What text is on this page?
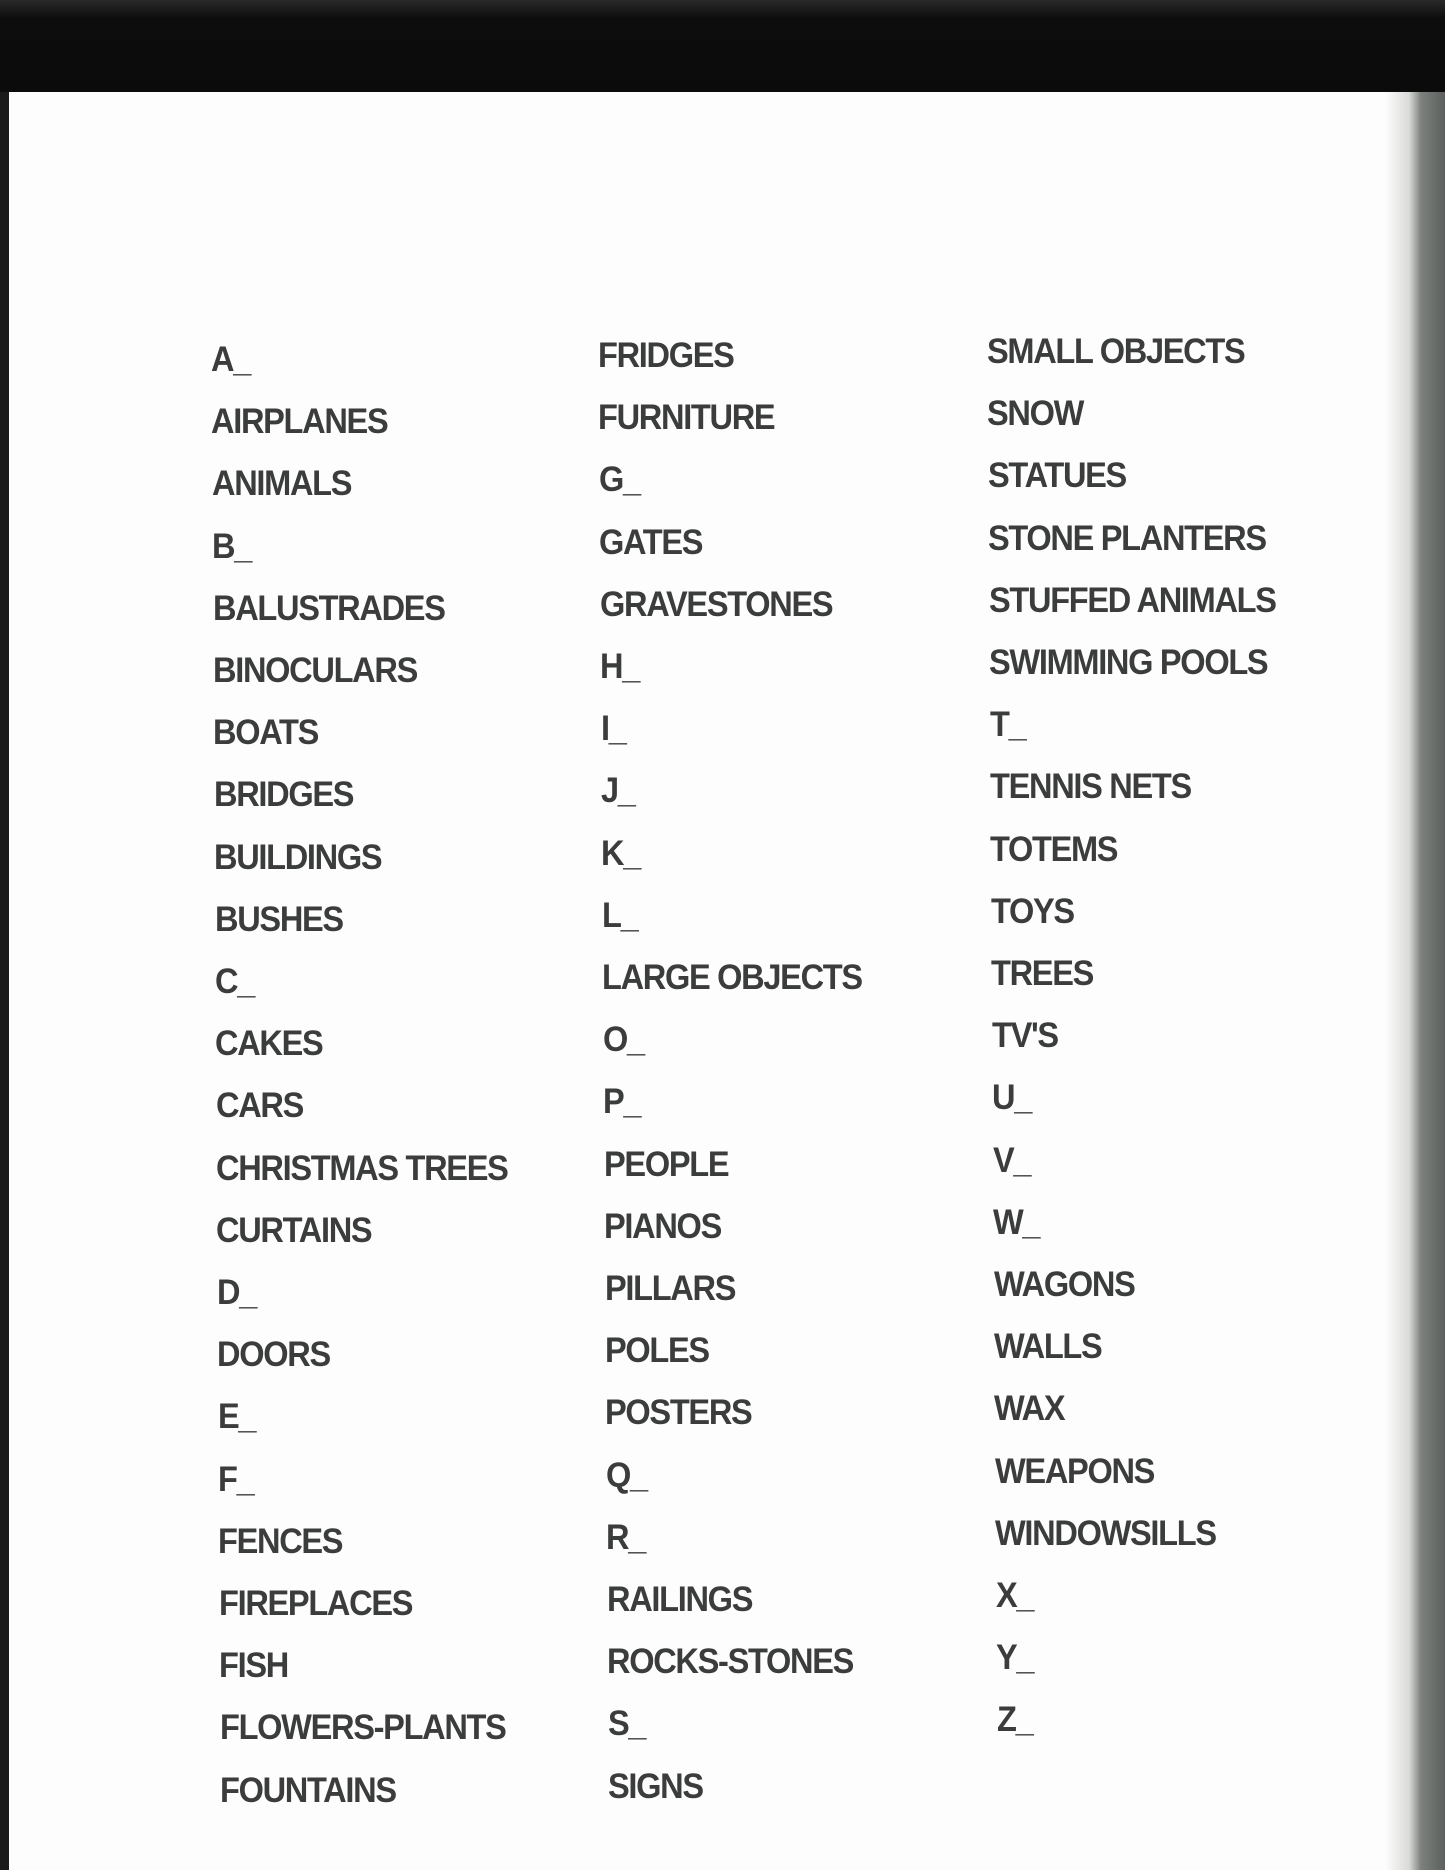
A_
AIRPLANES
ANIMALS
B_
BALUSTRADES
BINOCULARS
BOATS
BRIDGES
BUILDINGS
BUSHES
C_
CAKES
CARS
CHRISTMAS TREES
CURTAINS
D_
DOORS
E_
F_
FENCES
FIREPLACES
FISH
FLOWERS-PLANTS
FOUNTAINS
FRIDGES
FURNITURE
G_
GATES
GRAVESTONES
H_
I_
J_
K_
L_
LARGE OBJECTS
O_
P_
PEOPLE
PIANOS
PILLARS
POLES
POSTERS
Q_
R_
RAILINGS
ROCKS-STONES
S_
SIGNS
SMALL OBJECTS
SNOW
STATUES
STONE PLANTERS
STUFFED ANIMALS
SWIMMING POOLS
T_
TENNIS NETS
TOTEMS
TOYS
TREES
TV'S
U_
V_
W_
WAGONS
WALLS
WAX
WEAPONS
WINDOWSILLS
X_
Y_
Z_
